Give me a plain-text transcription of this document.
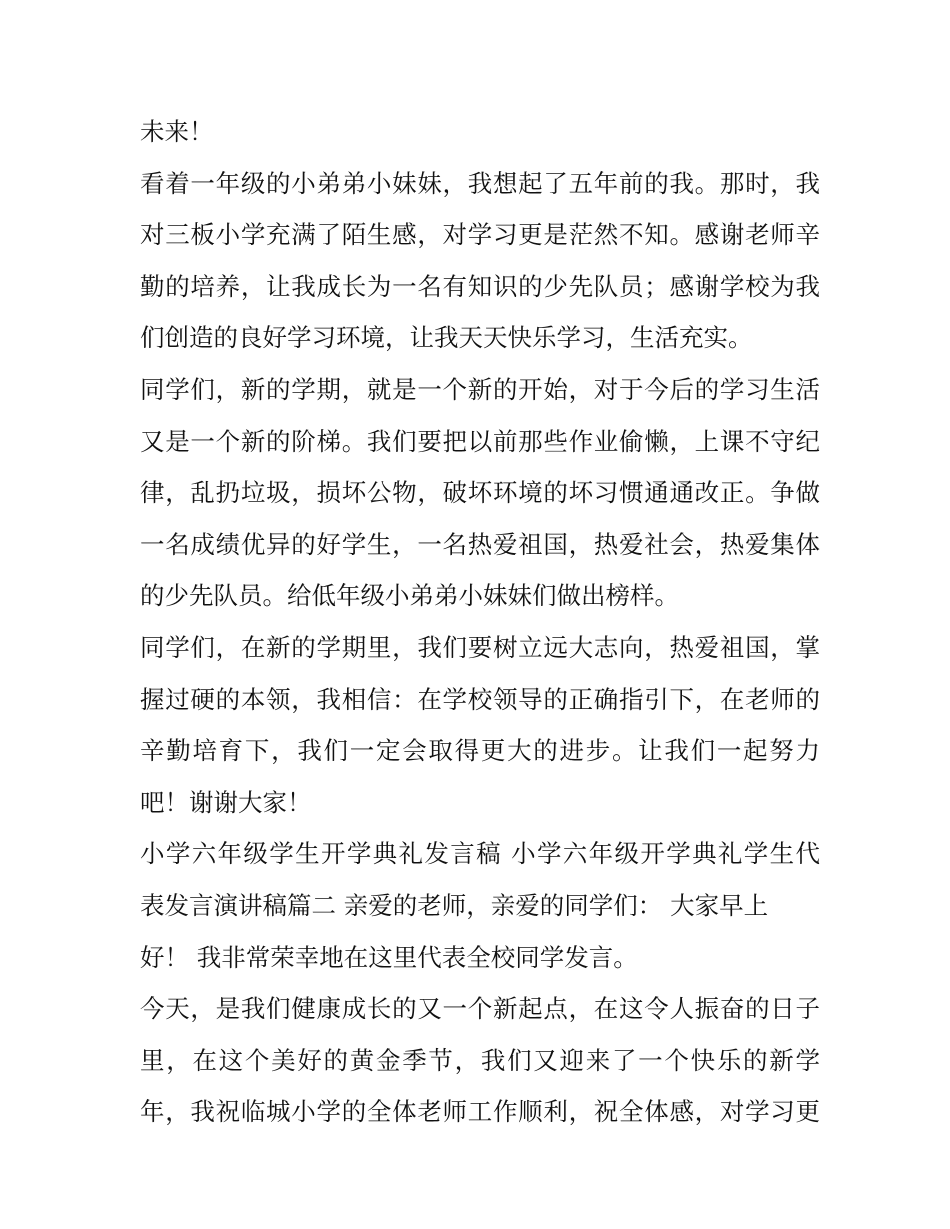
未来！
看着一年级的小弟弟小妹妹，我想起了五年前的我。那时，我
对三板小学充满了陌生感，对学习更是茫然不知。感谢老师辛
勤的培养，让我成长为一名有知识的少先队员；感谢学校为我
们创造的良好学习环境，让我天天快乐学习，生活充实。
同学们，新的学期，就是一个新的开始，对于今后的学习生活
又是一个新的阶梯。我们要把以前那些作业偷懒，上课不守纪
律，乱扔垃圾，损坏公物，破坏环境的坏习惯通通改正。争做
一名成绩优异的好学生，一名热爱祖国，热爱社会，热爱集体
的少先队员。给低年级小弟弟小妹妹们做出榜样。
同学们，在新的学期里，我们要树立远大志向，热爱祖国，掌
握过硬的本领，我相信：在学校领导的正确指引下，在老师的
辛勤培育下，我们一定会取得更大的进步。让我们一起努力
吧！谢谢大家！
小学六年级学生开学典礼发言稿 小学六年级开学典礼学生代
表发言演讲稿篇二 亲爱的老师，亲爱的同学们： 大家早上
好！ 我非常荣幸地在这里代表全校同学发言。
今天，是我们健康成长的又一个新起点，在这令人振奋的日子
里，在这个美好的黄金季节，我们又迎来了一个快乐的新学
年，我祝临城小学的全体老师工作顺利，祝全体感，对学习更
